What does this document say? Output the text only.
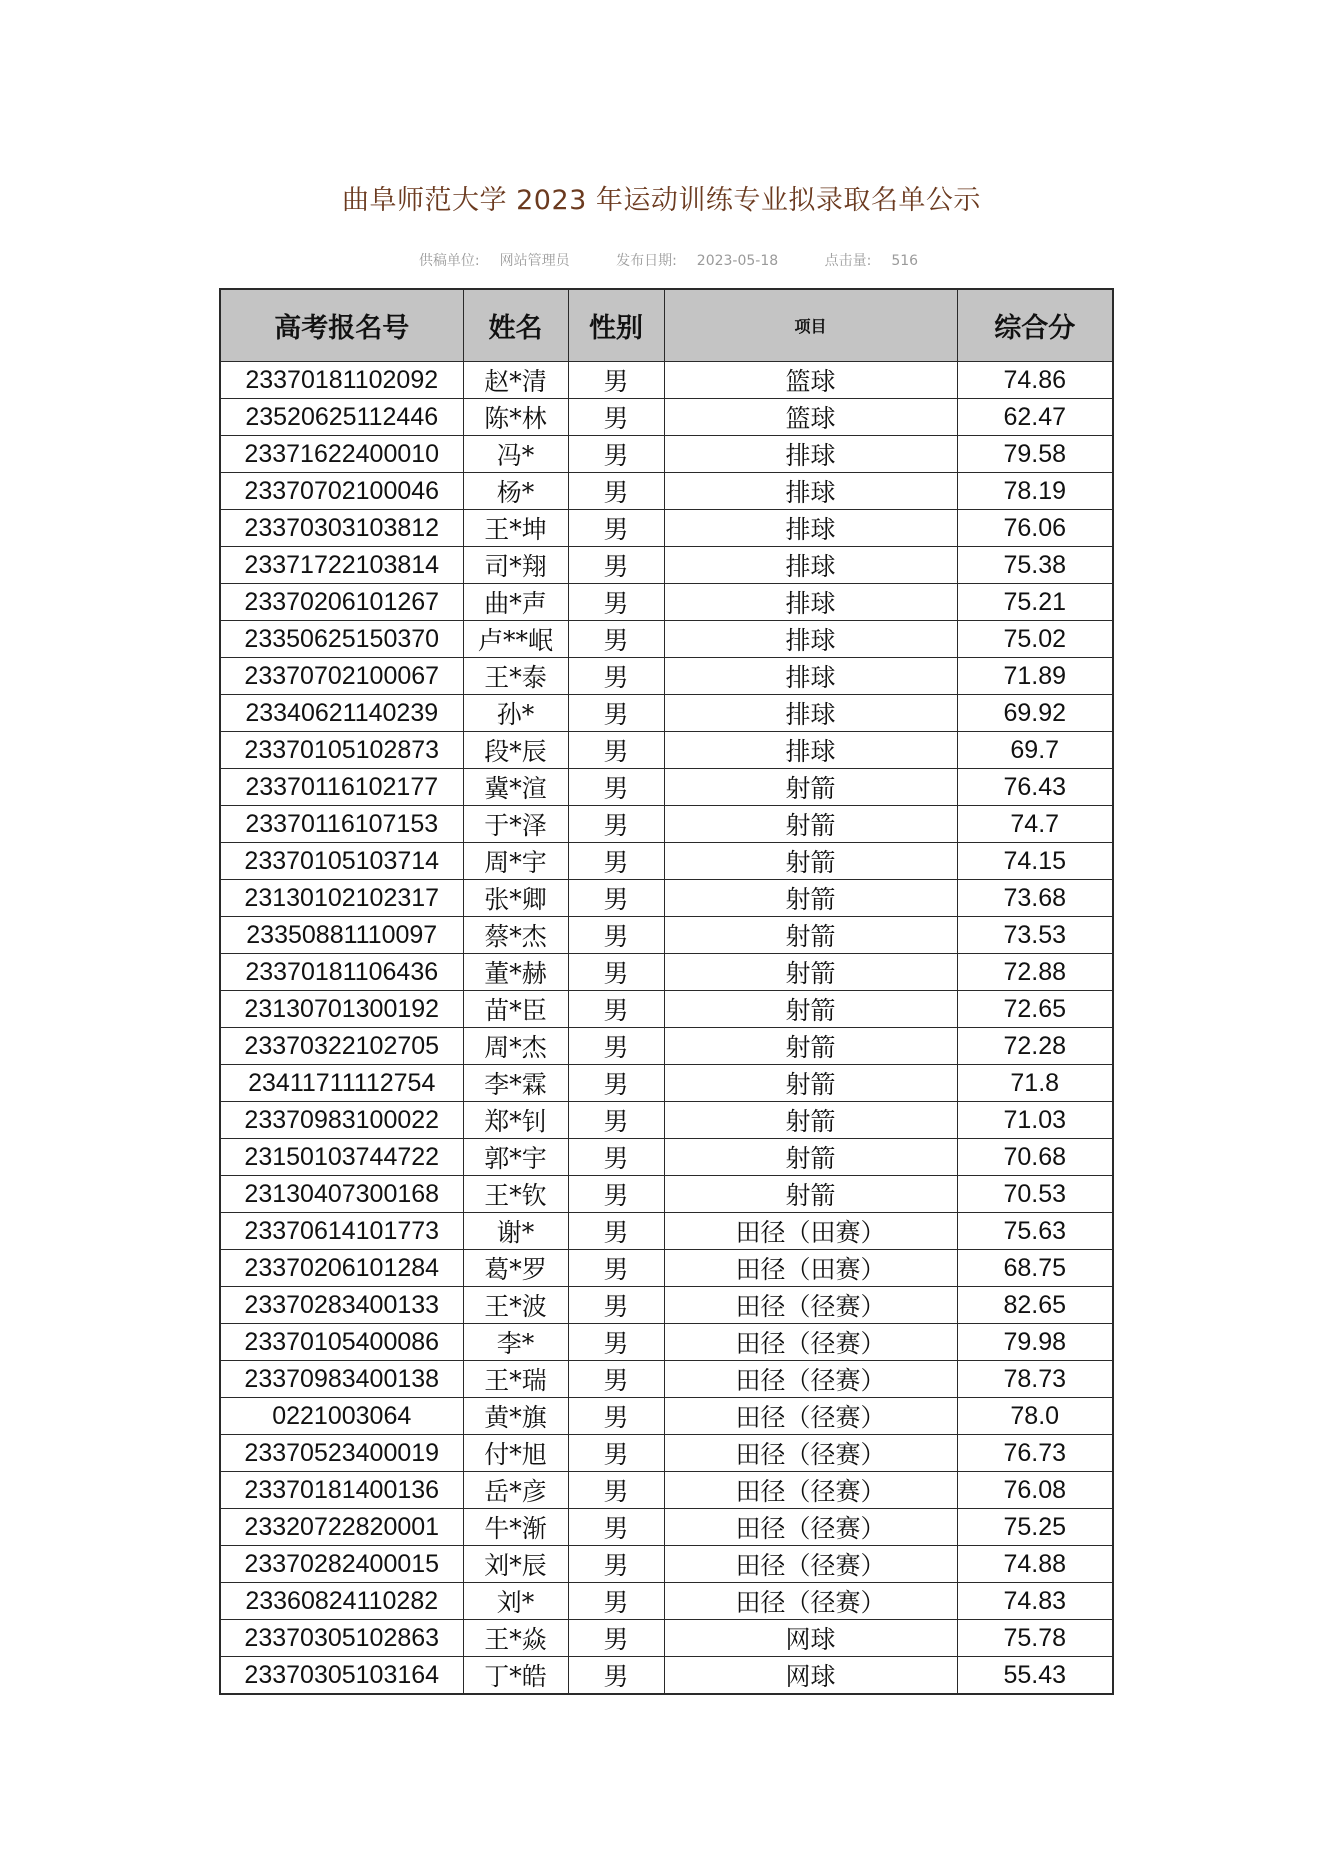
曲阜师范大学 2023 年运动训练专业拟录取名单公示
供稿单位: 网站管理员	发布日期: 2023-05-18	点击量: 516
高考报名号	姓名	性别	项目	综合分
23370181102092	赵*清	男	篮球	74.86
23520625112446	陈*林	男	篮球	62.47
23371622400010	冯*	男	排球	79.58
23370702100046	杨*	男	排球	78.19
23370303103812	王*坤	男	排球	76.06
23371722103814	司*翔	男	排球	75.38
23370206101267	曲*声	男	排球	75.21
23350625150370	卢**岷	男	排球	75.02
23370702100067	王*泰	男	排球	71.89
23340621140239	孙*	男	排球	69.92
23370105102873	段*辰	男	排球	69.7
23370116102177	冀*渲	男	射箭	76.43
23370116107153	于*泽	男	射箭	74.7
23370105103714	周*宇	男	射箭	74.15
23130102102317	张*卿	男	射箭	73.68
23350881110097	蔡*杰	男	射箭	73.53
23370181106436	董*赫	男	射箭	72.88
23130701300192	苗*臣	男	射箭	72.65
23370322102705	周*杰	男	射箭	72.28
23411711112754	李*霖	男	射箭	71.8
23370983100022	郑*钊	男	射箭	71.03
23150103744722	郭*宇	男	射箭	70.68
23130407300168	王*钦	男	射箭	70.53
23370614101773	谢*	男	田径（田赛）	75.63
23370206101284	葛*罗	男	田径（田赛）	68.75
23370283400133	王*波	男	田径（径赛）	82.65
23370105400086	李*	男	田径（径赛）	79.98
23370983400138	王*瑞	男	田径（径赛）	78.73
0221003064	黄*旗	男	田径（径赛）	78.0
23370523400019	付*旭	男	田径（径赛）	76.73
23370181400136	岳*彦	男	田径（径赛）	76.08
23320722820001	牛*渐	男	田径（径赛）	75.25
23370282400015	刘*辰	男	田径（径赛）	74.88
23360824110282	刘*	男	田径（径赛）	74.83
23370305102863	王*焱	男	网球	75.78
23370305103164	丁*皓	男	网球	55.43
